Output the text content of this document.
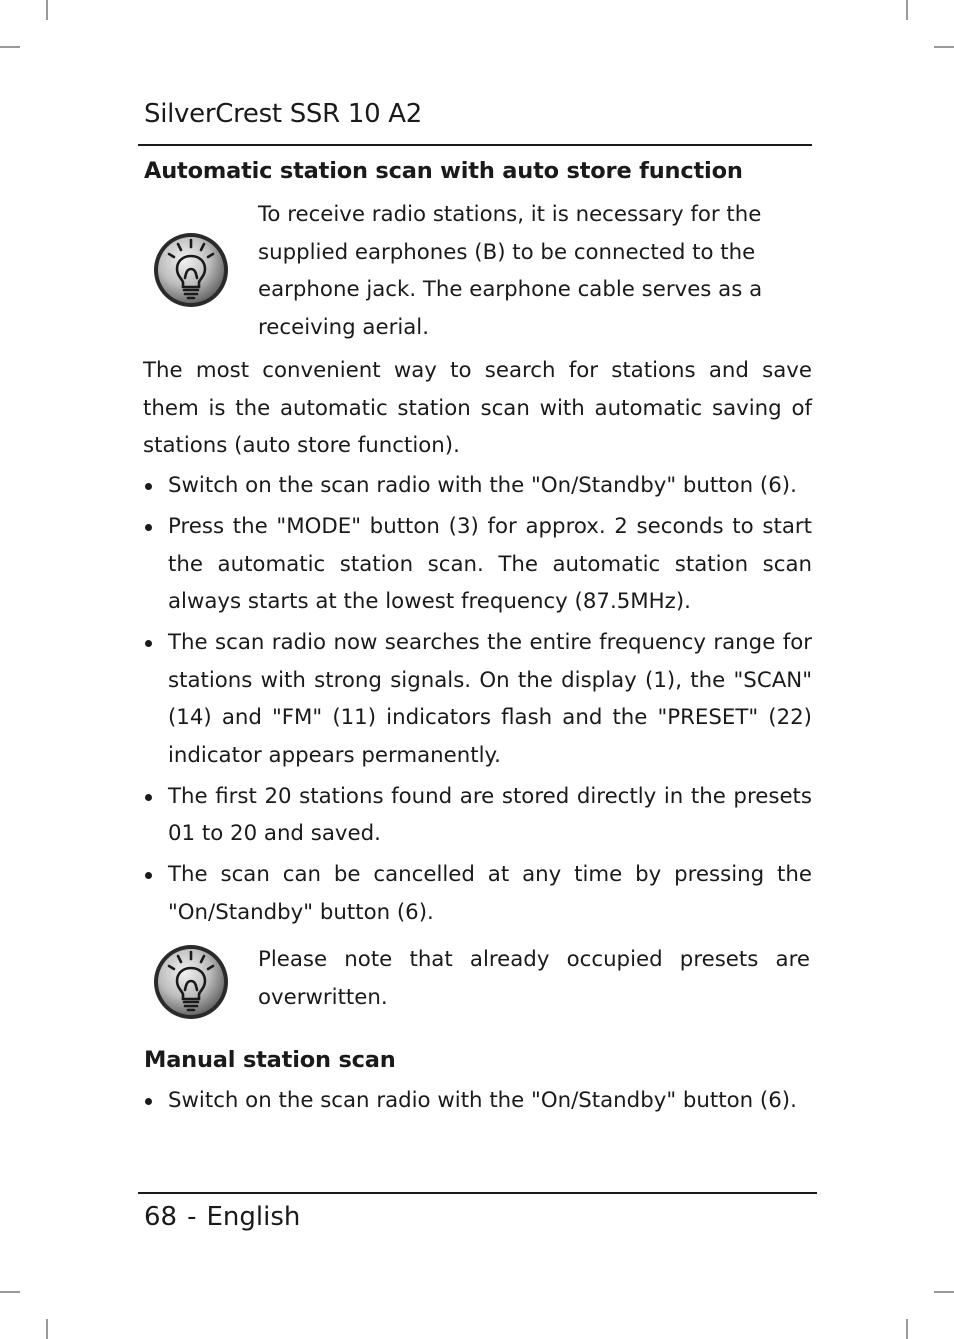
SilverCrest SSR 10 A2
Automatic station scan with auto store function
To receive radio stations, it is necessary for the supplied earphones (B) to be connected to the earphone jack. The earphone cable serves as a receiving aerial.
The most convenient way to search for stations and save them is the automatic station scan with automatic saving of stations (auto store function).
Switch on the scan radio with the "On/Standby" button (6).
Press the "MODE" button (3) for approx. 2 seconds to start the automatic station scan. The automatic station scan always starts at the lowest frequency (87.5MHz).
The scan radio now searches the entire frequency range for stations with strong signals. On the display (1), the "SCAN" (14) and "FM" (11) indicators flash and the "PRESET" (22) indicator appears permanently.
The first 20 stations found are stored directly in the presets 01 to 20 and saved.
The scan can be cancelled at any time by pressing the "On/Standby" button (6).
Please note that already occupied presets are overwritten.
Manual station scan
Switch on the scan radio with the "On/Standby" button (6).
68 - English
